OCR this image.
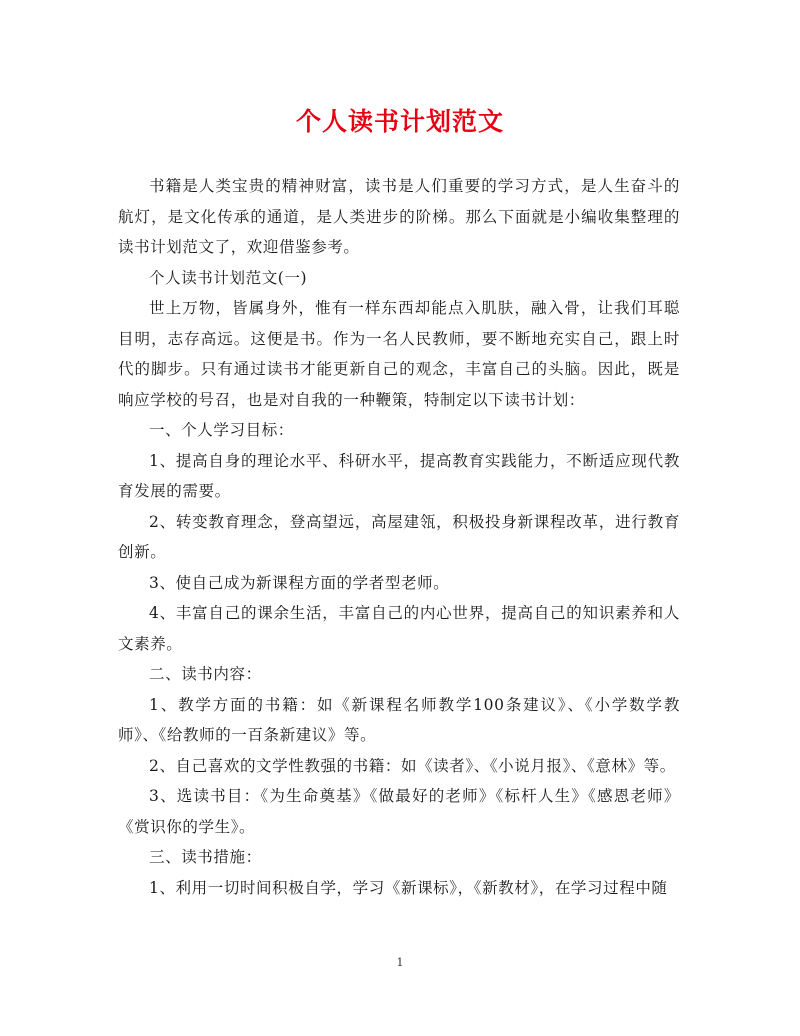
个人读书计划范文

书籍是人类宝贵的精神财富，读书是人们重要的学习方式，是人生奋斗的航灯，是文化传承的通道，是人类进步的阶梯。那么下面就是小编收集整理的读书计划范文了，欢迎借鉴参考。

个人读书计划范文(一)

世上万物，皆属身外，惟有一样东西却能点入肌肤，融入骨，让我们耳聪目明，志存高远。这便是书。作为一名人民教师，要不断地充实自己，跟上时代的脚步。只有通过读书才能更新自己的观念，丰富自己的头脑。因此，既是响应学校的号召，也是对自我的一种鞭策，特制定以下读书计划：

一、个人学习目标：

1、提高自身的理论水平、科研水平，提高教育实践能力，不断适应现代教育发展的需要。

2、转变教育理念，登高望远，高屋建瓴，积极投身新课程改革，进行教育创新。

3、使自己成为新课程方面的学者型老师。

4、丰富自己的课余生活，丰富自己的内心世界，提高自己的知识素养和人文素养。

二、读书内容：

1、教学方面的书籍：如《新课程名师教学100条建议》、《小学数学教师》、《给教师的一百条新建议》等。

2、自己喜欢的文学性教强的书籍：如《读者》、《小说月报》、《意林》等。

3、选读书目：《为生命奠基》《做最好的老师》《标杆人生》《感恩老师》《赏识你的学生》。

三、读书措施：

1、利用一切时间积极自学，学习《新课标》，《新教材》，在学习过程中随

1
